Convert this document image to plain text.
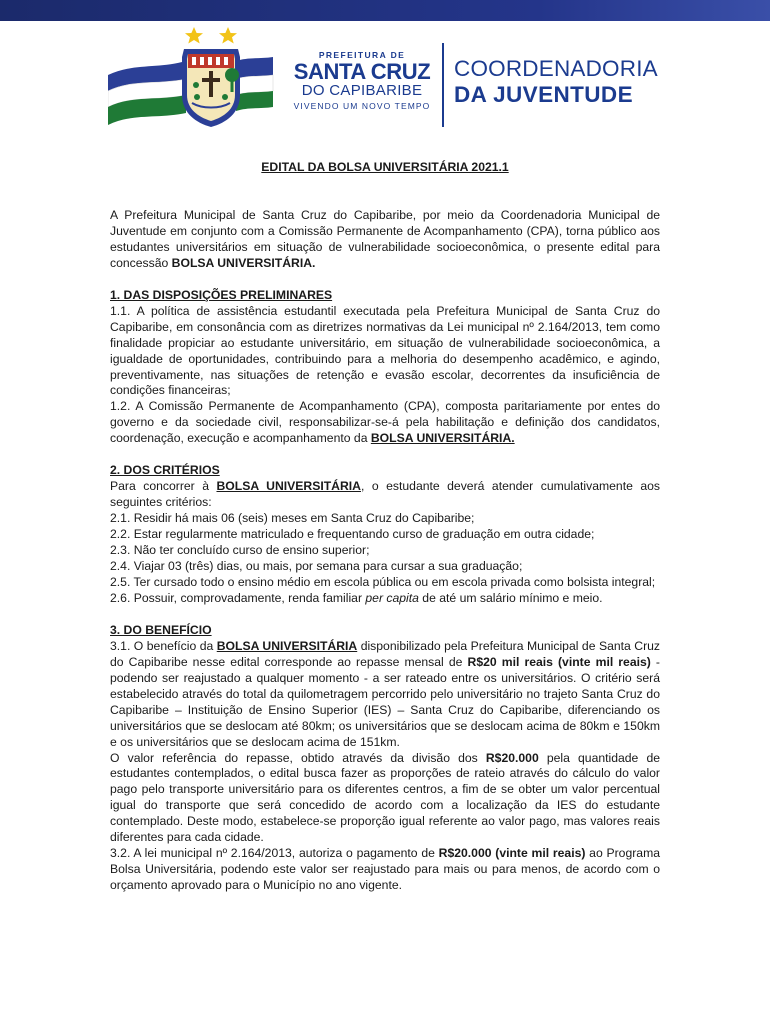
PREFEITURA DE
SANTA CRUZ
DO CAPIBARIBE
VIVENDO UM NOVO TEMPO
COORDENADORIA
DA JUVENTUDE
EDITAL DA BOLSA UNIVERSITÁRIA 2021.1

A Prefeitura Municipal de Santa Cruz do Capibaribe, por meio da Coordenadoria Municipal de Juventude em conjunto com a Comissão Permanente de Acompanhamento (CPA), torna público aos estudantes universitários em situação de vulnerabilidade socioeconômica, o presente edital para concessão BOLSA UNIVERSITÁRIA.

1. DAS DISPOSIÇÕES PRELIMINARES

1.1. A política de assistência estudantil executada pela Prefeitura Municipal de Santa Cruz do Capibaribe, em consonância com as diretrizes normativas da Lei municipal nº 2.164/2013, tem como finalidade propiciar ao estudante universitário, em situação de vulnerabilidade socioeconômica, a igualdade de oportunidades, contribuindo para a melhoria do desempenho acadêmico, e agindo, preventivamente, nas situações de retenção e evasão escolar, decorrentes da insuficiência de condições financeiras;

1.2. A Comissão Permanente de Acompanhamento (CPA), composta paritariamente por entes do governo e da sociedade civil, responsabilizar-se-á pela habilitação e definição dos candidatos, coordenação, execução e acompanhamento da BOLSA UNIVERSITÁRIA.

2. DOS CRITÉRIOS

Para concorrer à BOLSA UNIVERSITÁRIA, o estudante deverá atender cumulativamente aos seguintes critérios:

2.1. Residir há mais 06 (seis) meses em Santa Cruz do Capibaribe;

2.2. Estar regularmente matriculado e frequentando curso de graduação em outra cidade;

2.3. Não ter concluído curso de ensino superior;

2.4. Viajar 03 (três) dias, ou mais, por semana para cursar a sua graduação;

2.5. Ter cursado todo o ensino médio em escola pública ou em escola privada como bolsista integral;

2.6. Possuir, comprovadamente, renda familiar per capita de até um salário mínimo e meio.

3. DO BENEFÍCIO

3.1. O benefício da BOLSA UNIVERSITÁRIA disponibilizado pela Prefeitura Municipal de Santa Cruz do Capibaribe nesse edital corresponde ao repasse mensal de R$20 mil reais (vinte mil reais) - podendo ser reajustado a qualquer momento - a ser rateado entre os universitários. O critério será estabelecido através do total da quilometragem percorrido pelo universitário no trajeto Santa Cruz do Capibaribe – Instituição de Ensino Superior (IES) – Santa Cruz do Capibaribe, diferenciando os universitários que se deslocam até 80km; os universitários que se deslocam acima de 80km e 150km e os universitários que se deslocam acima de 151km.

O valor referência do repasse, obtido através da divisão dos R$20.000 pela quantidade de estudantes contemplados, o edital busca fazer as proporções de rateio através do cálculo do valor pago pelo transporte universitário para os diferentes centros, a fim de se obter um valor percentual igual do transporte que será concedido de acordo com a localização da IES do estudante contemplado. Deste modo, estabelece-se proporção igual referente ao valor pago, mas valores reais diferentes para cada cidade.

3.2. A lei municipal nº 2.164/2013, autoriza o pagamento de R$20.000 (vinte mil reais) ao Programa Bolsa Universitária, podendo este valor ser reajustado para mais ou para menos, de acordo com o orçamento aprovado para o Município no ano vigente.
